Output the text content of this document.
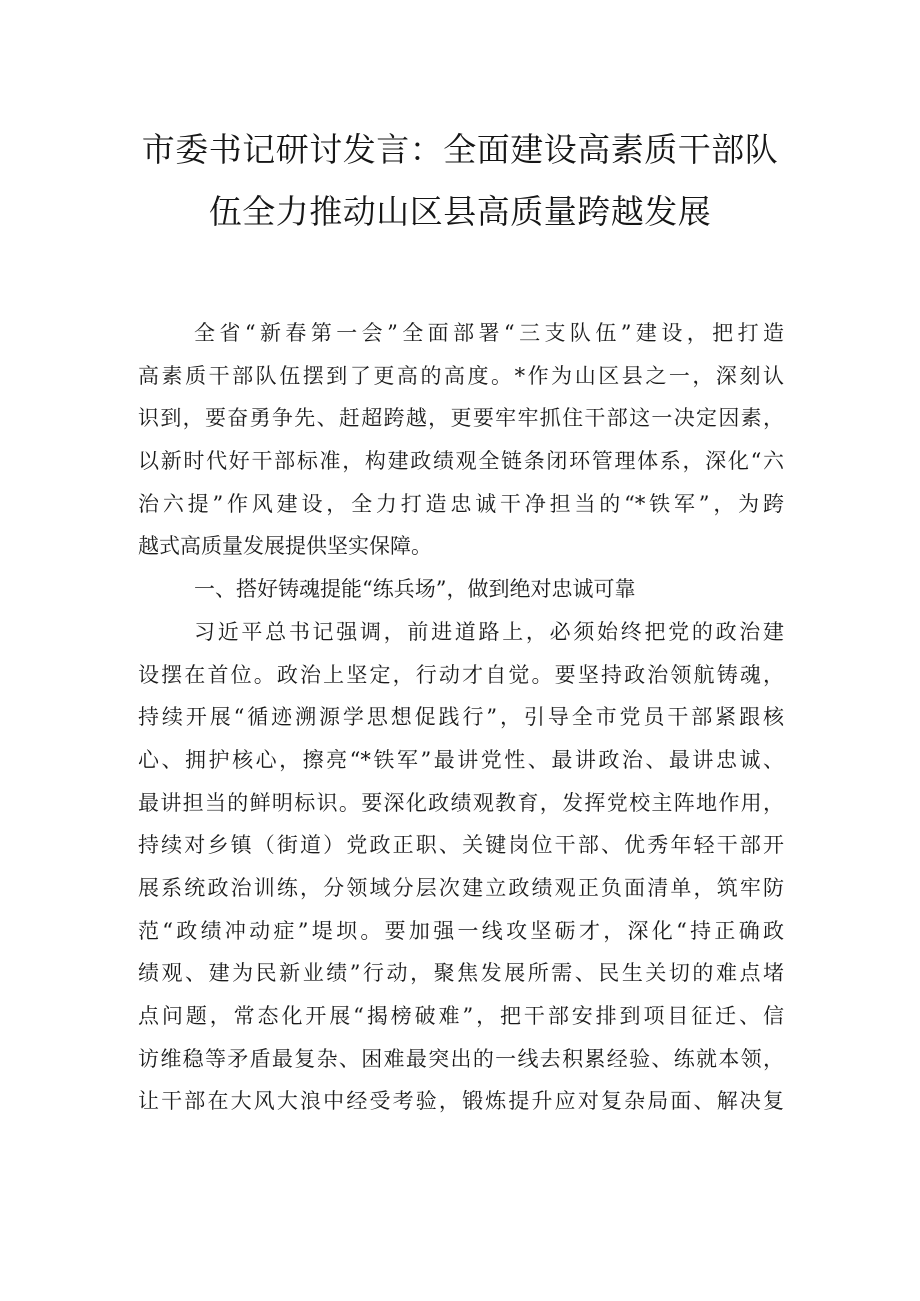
市委书记研讨发言：全面建设高素质干部队
伍全力推动山区县高质量跨越发展
全省“新春第一会”全面部署“三支队伍”建设，把打造
高素质干部队伍摆到了更高的高度。*作为山区县之一，深刻认
识到，要奋勇争先、赶超跨越，更要牢牢抓住干部这一决定因素，
以新时代好干部标准，构建政绩观全链条闭环管理体系，深化“六
治六提”作风建设，全力打造忠诚干净担当的“*铁军”，为跨
越式高质量发展提供坚实保障。
一、搭好铸魂提能“练兵场”，做到绝对忠诚可靠
习近平总书记强调，前进道路上，必须始终把党的政治建
设摆在首位。政治上坚定，行动才自觉。要坚持政治领航铸魂，
持续开展“循迹溯源学思想促践行”，引导全市党员干部紧跟核
心、拥护核心，擦亮“*铁军”最讲党性、最讲政治、最讲忠诚、
最讲担当的鲜明标识。要深化政绩观教育，发挥党校主阵地作用，
持续对乡镇（街道）党政正职、关键岗位干部、优秀年轻干部开
展系统政治训练，分领域分层次建立政绩观正负面清单，筑牢防
范“政绩冲动症”堤坝。要加强一线攻坚砺才，深化“持正确政
绩观、建为民新业绩”行动，聚焦发展所需、民生关切的难点堵
点问题，常态化开展“揭榜破难”，把干部安排到项目征迁、信
访维稳等矛盾最复杂、困难最突出的一线去积累经验、练就本领，
让干部在大风大浪中经受考验，锻炼提升应对复杂局面、解决复
